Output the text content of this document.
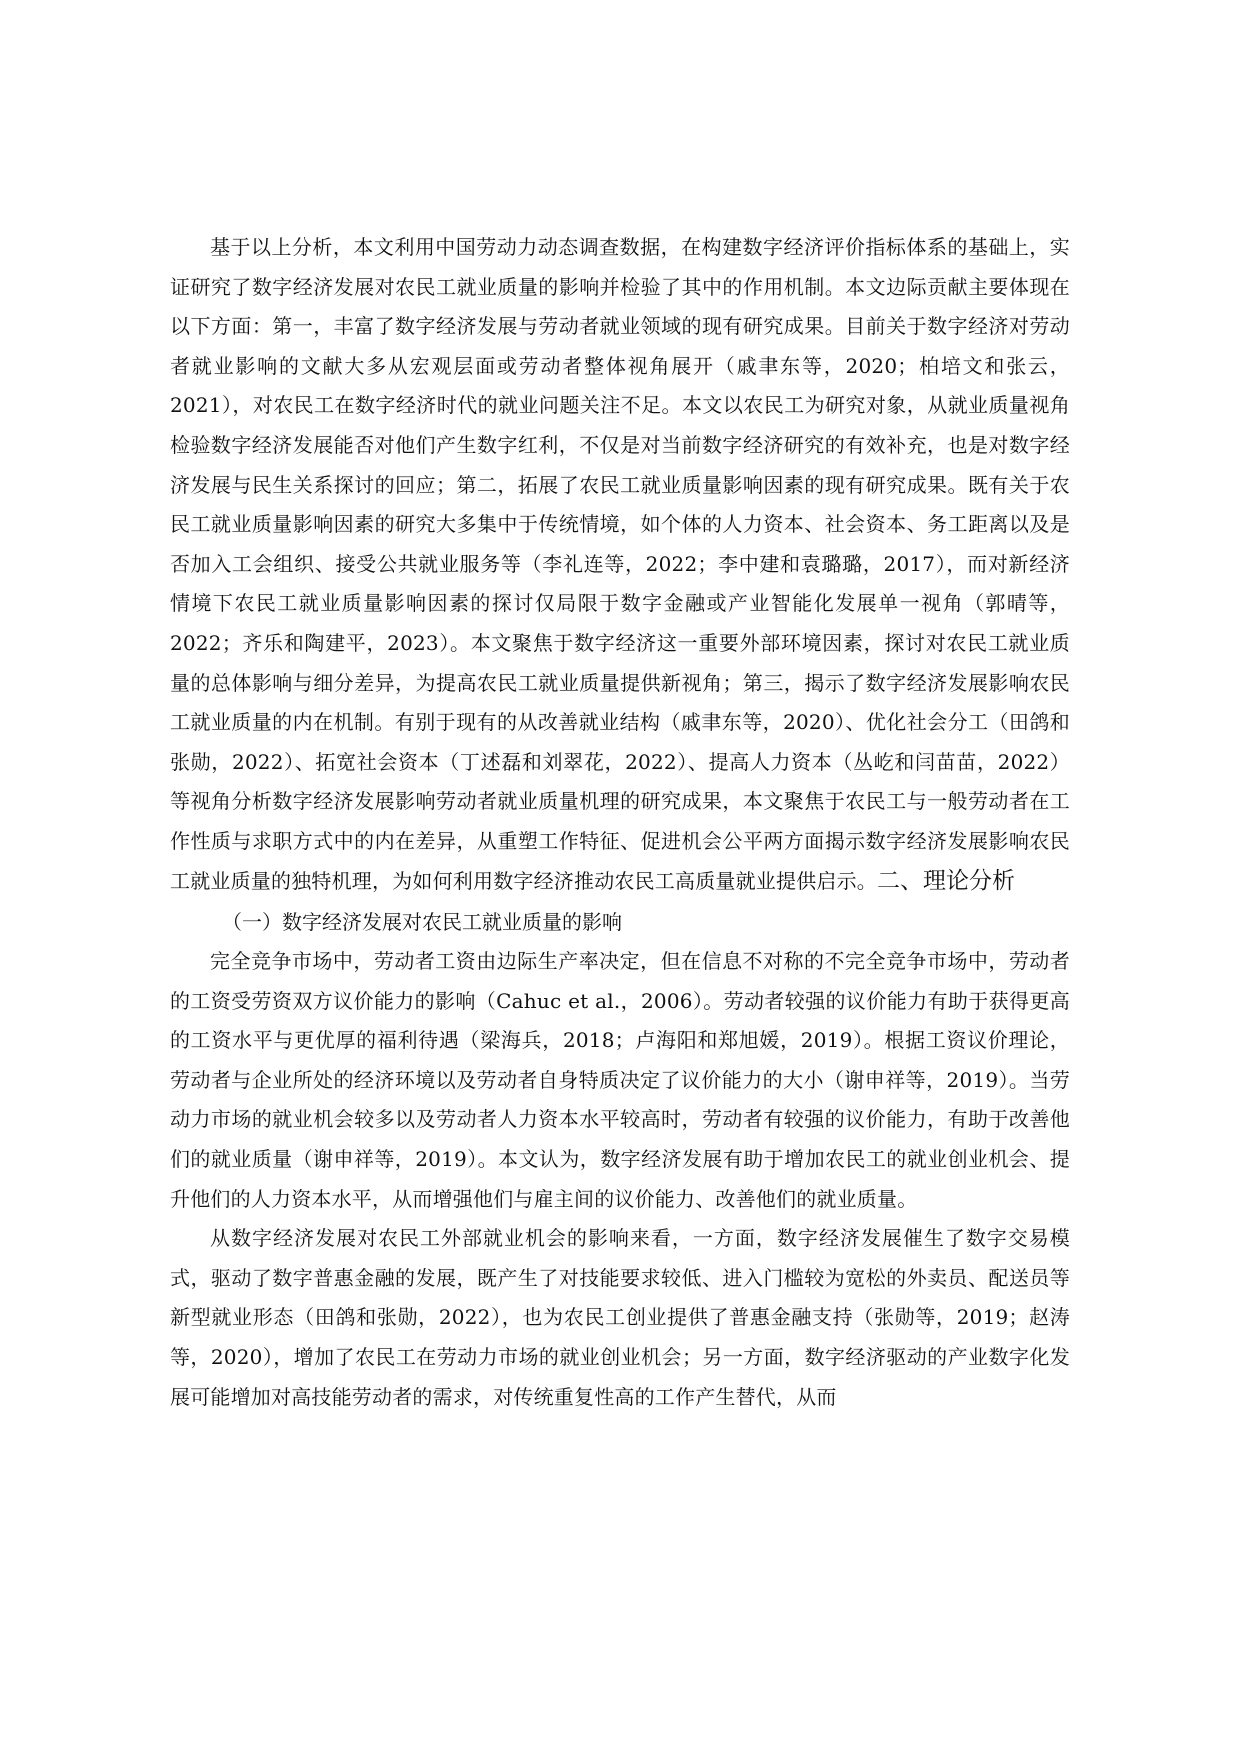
基于以上分析，本文利用中国劳动力动态调查数据，在构建数字经济评价指标体系的基础上，实证研究了数字经济发展对农民工就业质量的影响并检验了其中的作用机制。本文边际贡献主要体现在以下方面：第一，丰富了数字经济发展与劳动者就业领域的现有研究成果。目前关于数字经济对劳动者就业影响的文献大多从宏观层面或劳动者整体视角展开（戚聿东等，2020；柏培文和张云，2021），对农民工在数字经济时代的就业问题关注不足。本文以农民工为研究对象，从就业质量视角检验数字经济发展能否对他们产生数字红利，不仅是对当前数字经济研究的有效补充，也是对数字经济发展与民生关系探讨的回应；第二，拓展了农民工就业质量影响因素的现有研究成果。既有关于农民工就业质量影响因素的研究大多集中于传统情境，如个体的人力资本、社会资本、务工距离以及是否加入工会组织、接受公共就业服务等（李礼连等，2022；李中建和袁璐璐，2017），而对新经济情境下农民工就业质量影响因素的探讨仅局限于数字金融或产业智能化发展单一视角（郭晴等，2022；齐乐和陶建平，2023）。本文聚焦于数字经济这一重要外部环境因素，探讨对农民工就业质量的总体影响与细分差异，为提高农民工就业质量提供新视角；第三，揭示了数字经济发展影响农民工就业质量的内在机制。有别于现有的从改善就业结构（戚聿东等，2020）、优化社会分工（田鸽和张勋，2022）、拓宽社会资本（丁述磊和刘翠花，2022）、提高人力资本（丛屹和闫苗苗，2022）等视角分析数字经济发展影响劳动者就业质量机理的研究成果，本文聚焦于农民工与一般劳动者在工作性质与求职方式中的内在差异，从重塑工作特征、促进机会公平两方面揭示数字经济发展影响农民工就业质量的独特机理，为如何利用数字经济推动农民工高质量就业提供启示。二、理论分析

（一）数字经济发展对农民工就业质量的影响

完全竞争市场中，劳动者工资由边际生产率决定，但在信息不对称的不完全竞争市场中，劳动者的工资受劳资双方议价能力的影响（Cahuc et al.，2006）。劳动者较强的议价能力有助于获得更高的工资水平与更优厚的福利待遇（梁海兵，2018；卢海阳和郑旭媛，2019）。根据工资议价理论，劳动者与企业所处的经济环境以及劳动者自身特质决定了议价能力的大小（谢申祥等，2019）。当劳动力市场的就业机会较多以及劳动者人力资本水平较高时，劳动者有较强的议价能力，有助于改善他们的就业质量（谢申祥等，2019）。本文认为，数字经济发展有助于增加农民工的就业创业机会、提升他们的人力资本水平，从而增强他们与雇主间的议价能力、改善他们的就业质量。

从数字经济发展对农民工外部就业机会的影响来看，一方面，数字经济发展催生了数字交易模式，驱动了数字普惠金融的发展，既产生了对技能要求较低、进入门槛较为宽松的外卖员、配送员等新型就业形态（田鸽和张勋，2022），也为农民工创业提供了普惠金融支持（张勋等，2019；赵涛等，2020），增加了农民工在劳动力市场的就业创业机会；另一方面，数字经济驱动的产业数字化发展可能增加对高技能劳动者的需求，对传统重复性高的工作产生替代，从而
